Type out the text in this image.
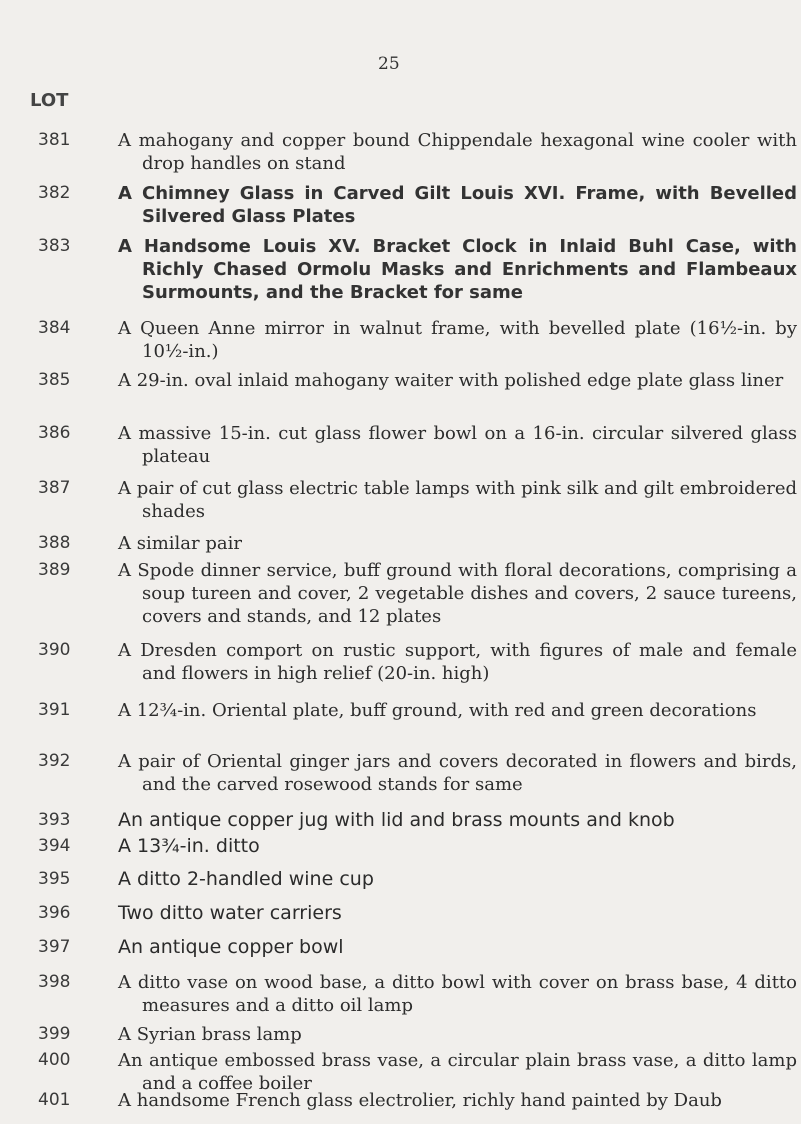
25
LOT
381	A mahogany and copper bound Chippendale hexagonal wine cooler with drop handles on stand
382	A Chimney Glass in Carved Gilt Louis XVI. Frame, with Bevelled Silvered Glass Plates
383	A Handsome Louis XV. Bracket Clock in Inlaid Buhl Case, with Richly Chased Ormolu Masks and Enrichments and Flambeaux Surmounts, and the Bracket for same
384	A Queen Anne mirror in walnut frame, with bevelled plate (16½-in. by 10½-in.)
385	A 29-in. oval inlaid mahogany waiter with polished edge plate glass liner
386	A massive 15-in. cut glass flower bowl on a 16-in. circular silvered glass plateau
387	A pair of cut glass electric table lamps with pink silk and gilt embroidered shades
388	A similar pair
389	A Spode dinner service, buff ground with floral decorations, comprising a soup tureen and cover, 2 vegetable dishes and covers, 2 sauce tureens, covers and stands, and 12 plates
390	A Dresden comport on rustic support, with figures of male and female and flowers in high relief (20-in. high)
391	A 12¾-in. Oriental plate, buff ground, with red and green decorations
392	A pair of Oriental ginger jars and covers decorated in flowers and birds, and the carved rosewood stands for same
393	An antique copper jug with lid and brass mounts and knob
394	A 13¾-in. ditto
395	A ditto 2-handled wine cup
396	Two ditto water carriers
397	An antique copper bowl
398	A ditto vase on wood base, a ditto bowl with cover on brass base, 4 ditto measures and a ditto oil lamp
399	A Syrian brass lamp
400	An antique embossed brass vase, a circular plain brass vase, a ditto lamp and a coffee boiler
401	A handsome French glass electrolier, richly hand painted by Daub
